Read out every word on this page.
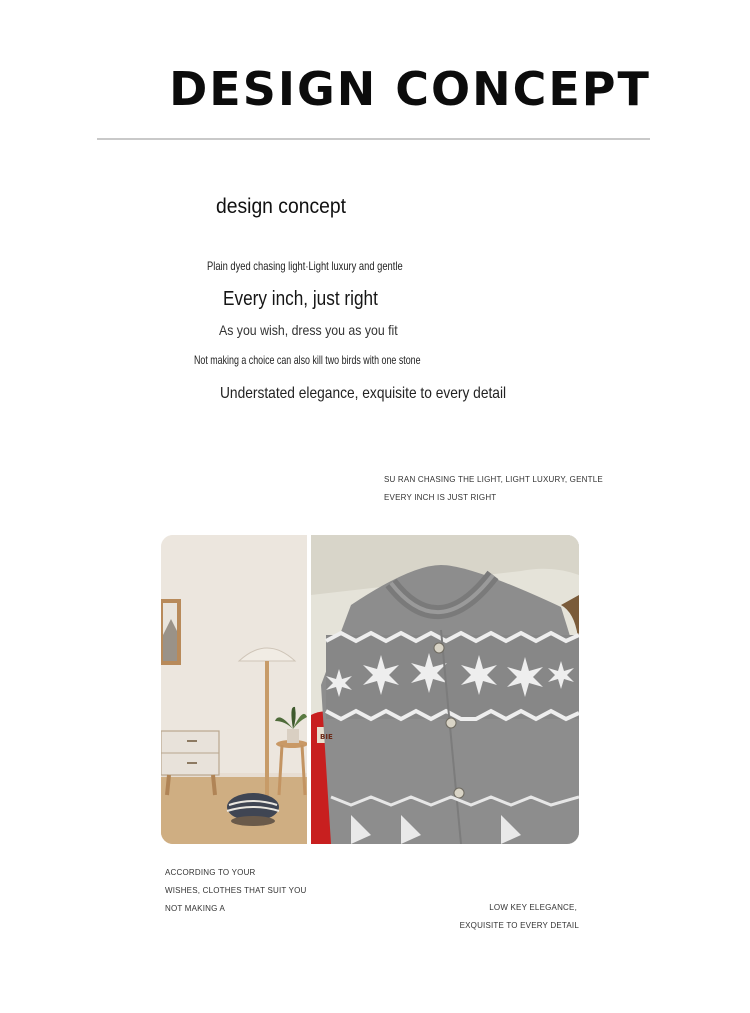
DESIGN CONCEPT
design concept
Plain dyed chasing light·Light luxury and gentle
Every inch, just right
As you wish, dress you as you fit
Not making a choice can also kill two birds with one stone
Understated elegance, exquisite to every detail
SU RAN CHASING THE LIGHT, LIGHT LUXURY, GENTLE
EVERY INCH IS JUST RIGHT
BIE
ACCORDING TO YOUR
WISHES, CLOTHES THAT SUIT YOU
NOT MAKING A	LOW KEY ELEGANCE,
EXQUISITE TO EVERY DETAIL
